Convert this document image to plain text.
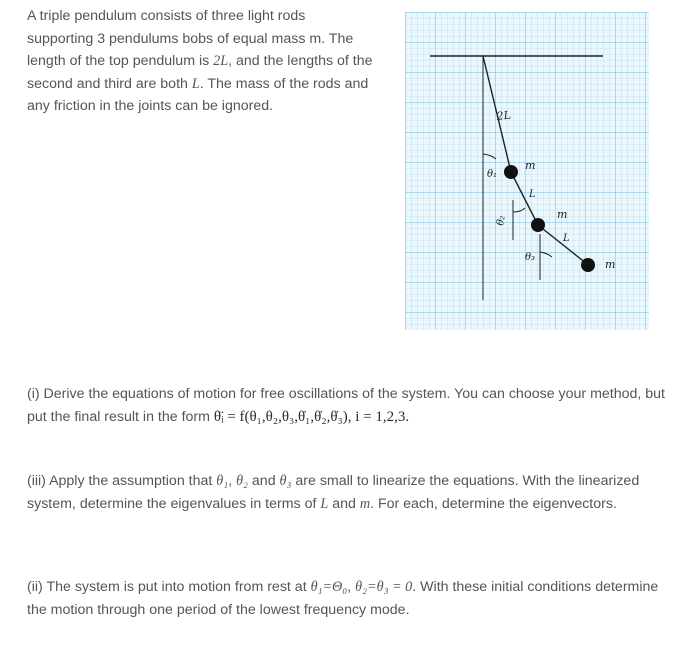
A triple pendulum consists of three light rods supporting 3 pendulums bobs of equal mass m. The length of the top pendulum is 2L, and the lengths of the second and third are both L. The mass of the rods and any friction in the joints can be ignored.

2L
θ₁
θ₂
θ₃
m
m
m
L
L

(i) Derive the equations of motion for free oscillations of the system. You can choose your method, but put the final result in the form θ̈ᵢ = f(θ₁,θ₂,θ₃,θ̇₁,θ̇₂,θ̇₃), i = 1,2,3.

(iii) Apply the assumption that θ₁, θ₂ and θ₃ are small to linearize the equations. With the linearized system, determine the eigenvalues in terms of L and m. For each, determine the eigenvectors.

(ii) The system is put into motion from rest at θ₁=Θ₀, θ₂=θ₃ = 0. With these initial conditions determine the motion through one period of the lowest frequency mode.
